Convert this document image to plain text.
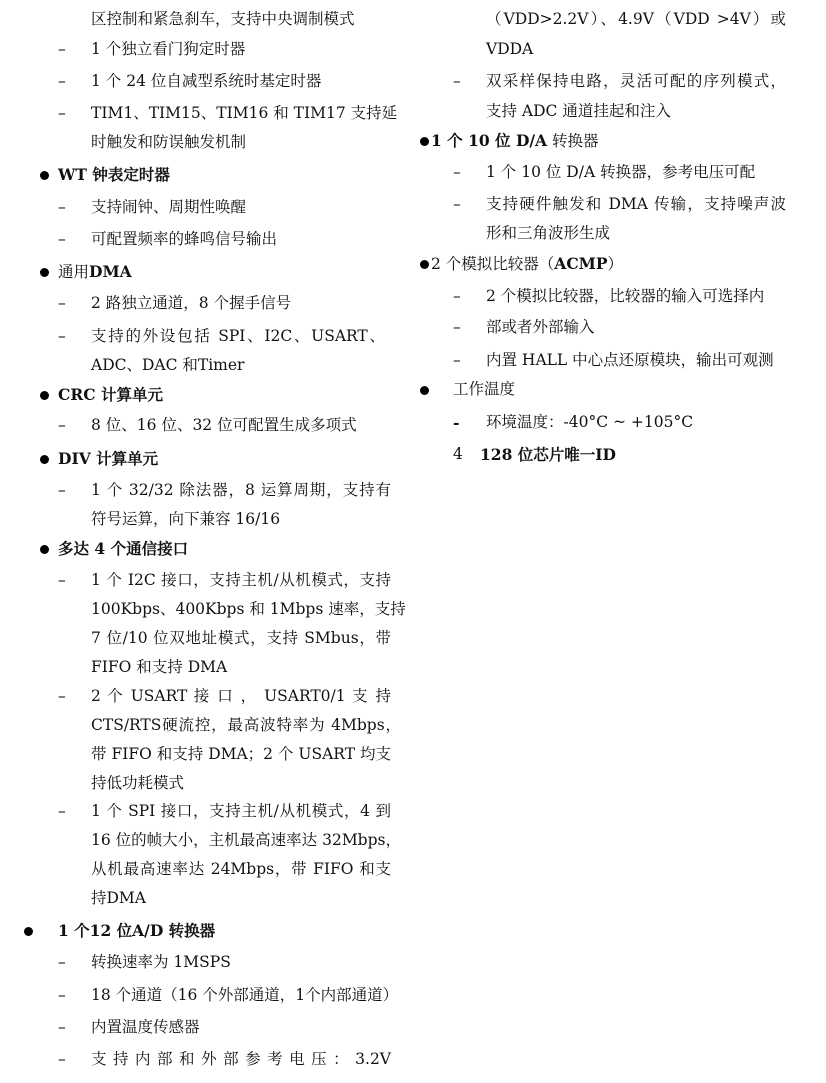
区控制和紧急刹车，支持中央调制模式
– 1 个独立看门狗定时器
– 1 个 24 位自减型系统时基定时器
– TIM1、TIM15、TIM16 和 TIM17 支持延
时触发和防误触发机制
WT 钟表定时器
– 支持闹钟、周期性唤醒
– 可配置频率的蜂鸣信号输出
通用DMA
– 2 路独立通道，8 个握手信号
– 支持的外设包括 SPI、I2C、USART、
ADC、DAC 和Timer
CRC 计算单元
– 8 位、16 位、32 位可配置生成多项式
DIV 计算单元
– 1 个 32/32 除法器，8 运算周期，支持有
符号运算，向下兼容 16/16
多达 4 个通信接口
– 1 个 I2C 接口，支持主机/从机模式，支持
100Kbps、400Kbps 和 1Mbps 速率，支持
7 位/10 位双地址模式，支持 SMbus，带
FIFO 和支持 DMA
– 2 个 USART 接 口 ， USART0/1 支 持
CTS/RTS硬流控，最高波特率为 4Mbps，
带 FIFO 和支持 DMA；2 个 USART 均支
持低功耗模式
– 1 个 SPI 接口，支持主机/从机模式，4 到
16 位的帧大小，主机最高速率达 32Mbps，
从机最高速率达 24Mbps，带 FIFO 和支
持DMA
1 个12 位A/D 转换器
– 转换速率为 1MSPS
– 18 个通道（16 个外部通道，1个内部通道）
– 内置温度传感器
– 支 持 内 部 和 外 部 参 考 电 压 ： 3.2V
（VDD>2.2V）、4.9V（VDD >4V）或
VDDA
– 双采样保持电路，灵活可配的序列模式，
支持 ADC 通道挂起和注入
1 个 10 位 D/A 转换器
– 1 个 10 位 D/A 转换器，参考电压可配
– 支持硬件触发和 DMA 传输，支持噪声波
形和三角波形生成
2 个模拟比较器（ACMP）
– 2 个模拟比较器，比较器的输入可选择内
– 部或者外部输入
– 内置 HALL 中心点还原模块，输出可观测
工作温度
- 环境温度：-40°C ~ +105°C
4 128 位芯片唯一ID
